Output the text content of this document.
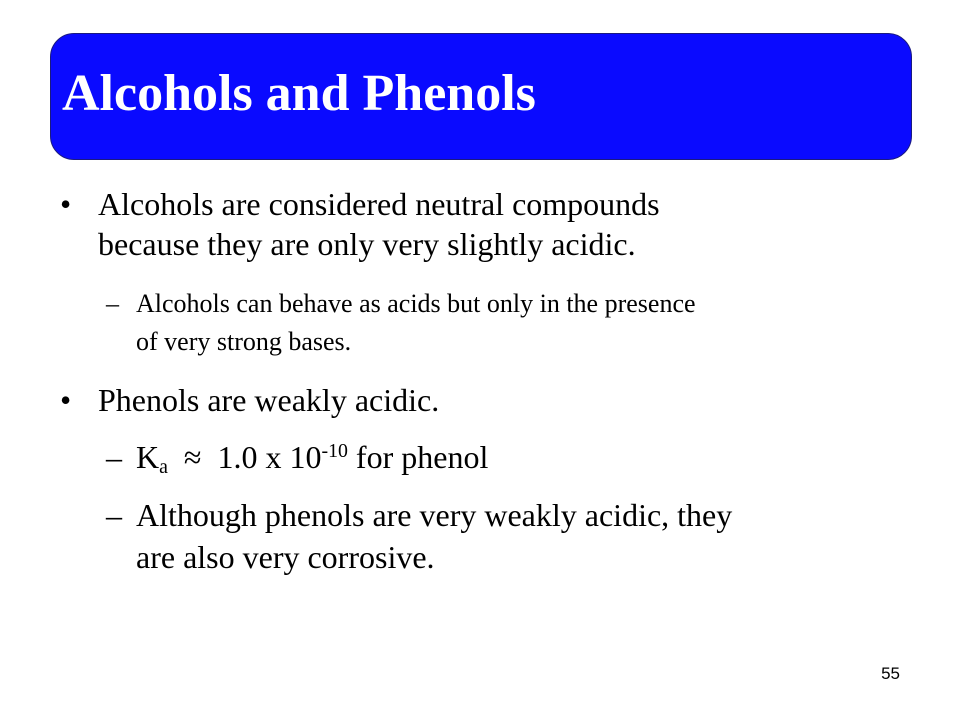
Alcohols and Phenols
• Alcohols are considered neutral compounds
because they are only very slightly acidic.
– Alcohols can behave as acids but only in the presence
of very strong bases.
• Phenols are weakly acidic.
– $K_a \approx 1.0$ x $10^{-10}$ for phenol
– Although phenols are very weakly acidic, they
are also very corrosive.
55
